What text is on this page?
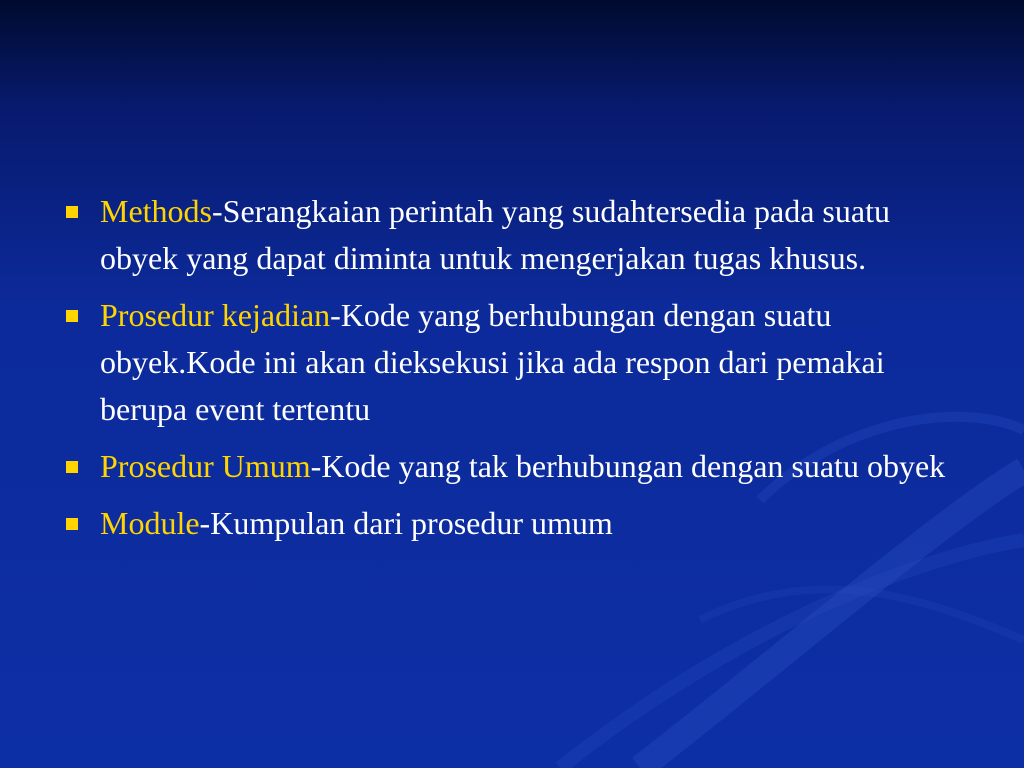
Methods-Serangkaian perintah yang sudahtersedia pada suatu obyek yang dapat diminta untuk mengerjakan tugas khusus.
Prosedur kejadian-Kode yang berhubungan dengan suatu obyek.Kode ini akan dieksekusi jika ada respon dari pemakai berupa event tertentu
Prosedur Umum-Kode yang tak berhubungan dengan suatu obyek
Module-Kumpulan dari prosedur umum
